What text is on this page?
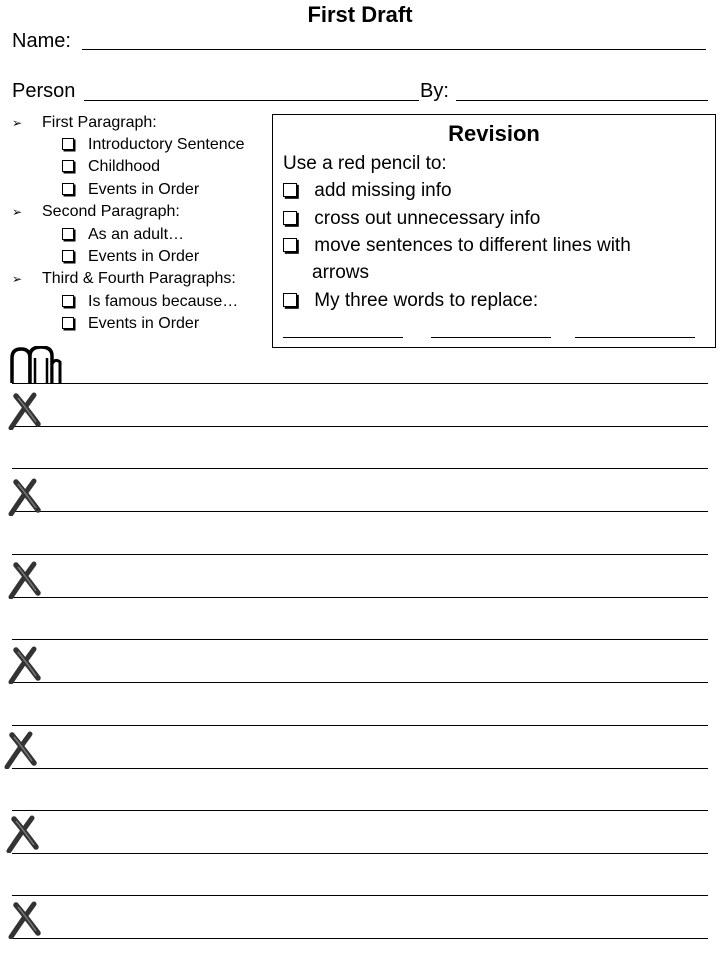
First Draft
Name:
Person	By:
➢ First Paragraph:
Introductory Sentence
Childhood
Events in Order
➢ Second Paragraph:
As an adult…
Events in Order
➢ Third & Fourth Paragraphs:
Is famous because…
Events in Order
Revision
Use a red pencil to:
add missing info
cross out unnecessary info
move sentences to different lines with
arrows
My three words to replace:
